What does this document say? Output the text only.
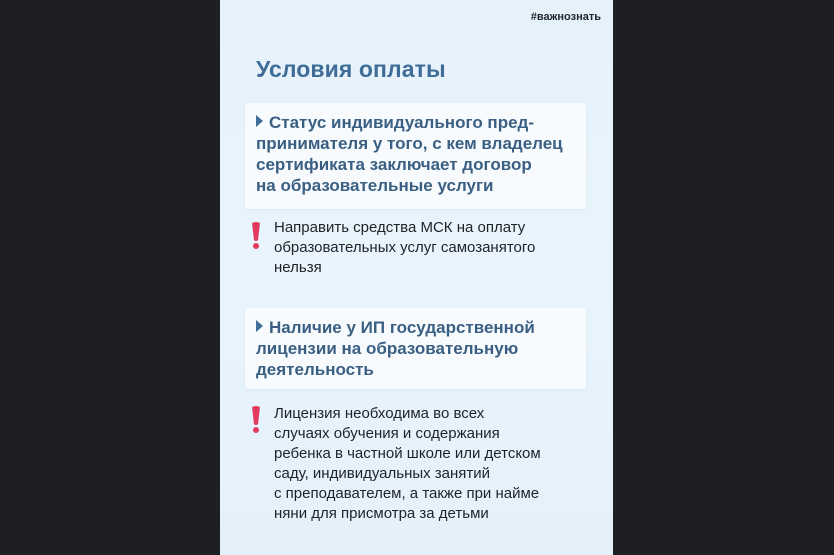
#важнознать
Условия оплаты
Статус индивидуального пред-
принимателя у того, с кем владелец
сертификата заключает договор
на образовательные услуги
Направить средства МСК на оплату
образовательных услуг самозанятого
нельзя
Наличие у ИП государственной
лицензии на образовательную
деятельность
Лицензия необходима во всех
случаях обучения и содержания
ребенка в частной школе или детском
саду, индивидуальных занятий
с преподавателем, а также при найме
няни для присмотра за детьми
